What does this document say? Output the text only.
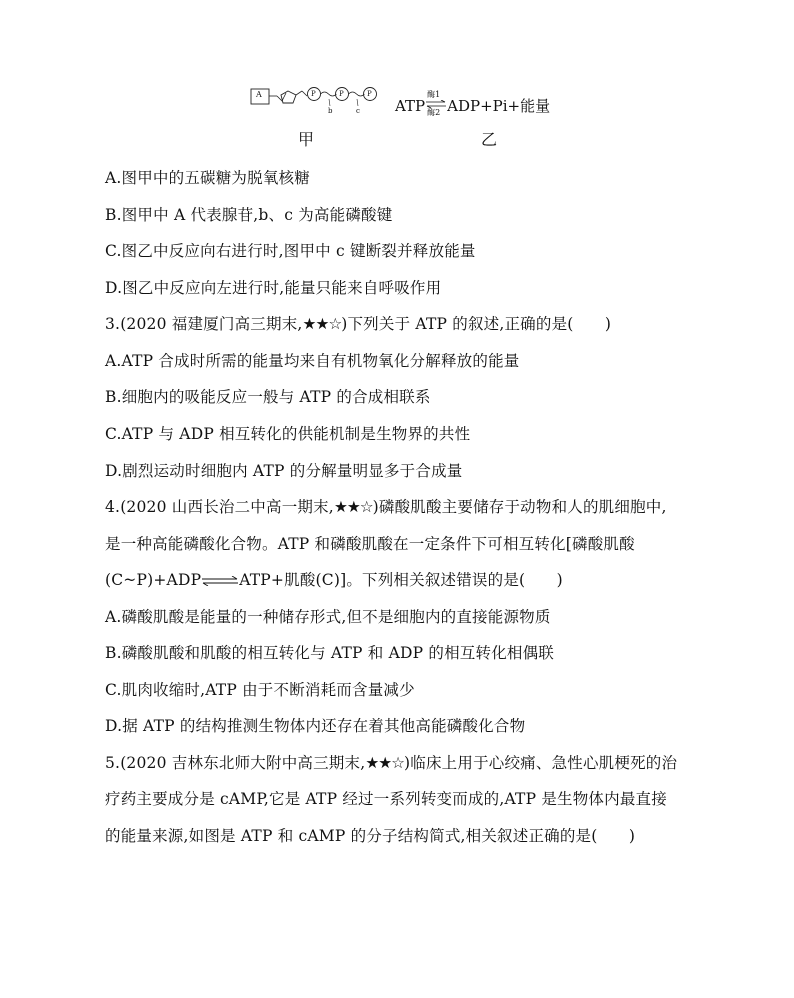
A	P	P	P
b	c ATP
酶1
酶2 ADP+Pi+能量
甲	乙
A.图甲中的五碳糖为脱氧核糖
B.图甲中 A 代表腺苷,b、c 为高能磷酸键
C.图乙中反应向右进行时,图甲中 c 键断裂并释放能量
D.图乙中反应向左进行时,能量只能来自呼吸作用
3.(2020 福建厦门高三期末,★★☆)下列关于 ATP 的叙述,正确的是(　　)
A.ATP 合成时所需的能量均来自有机物氧化分解释放的能量
B.细胞内的吸能反应一般与 ATP 的合成相联系
C.ATP 与 ADP 相互转化的供能机制是生物界的共性
D.剧烈运动时细胞内 ATP 的分解量明显多于合成量
4.(2020 山西长治二中高一期末,★★☆)磷酸肌酸主要储存于动物和人的肌细胞中,
是一种高能磷酸化合物。ATP 和磷酸肌酸在一定条件下可相互转化[磷酸肌酸
(C~P)+ADP⇌ATP+肌酸(C)]。下列相关叙述错误的是(　　)
A.磷酸肌酸是能量的一种储存形式,但不是细胞内的直接能源物质
B.磷酸肌酸和肌酸的相互转化与 ATP 和 ADP 的相互转化相偶联
C.肌肉收缩时,ATP 由于不断消耗而含量减少
D.据 ATP 的结构推测生物体内还存在着其他高能磷酸化合物
5.(2020 吉林东北师大附中高三期末,★★☆)临床上用于心绞痛、急性心肌梗死的治
疗药主要成分是 cAMP,它是 ATP 经过一系列转变而成的,ATP 是生物体内最直接
的能量来源,如图是 ATP 和 cAMP 的分子结构简式,相关叙述正确的是(　　)
